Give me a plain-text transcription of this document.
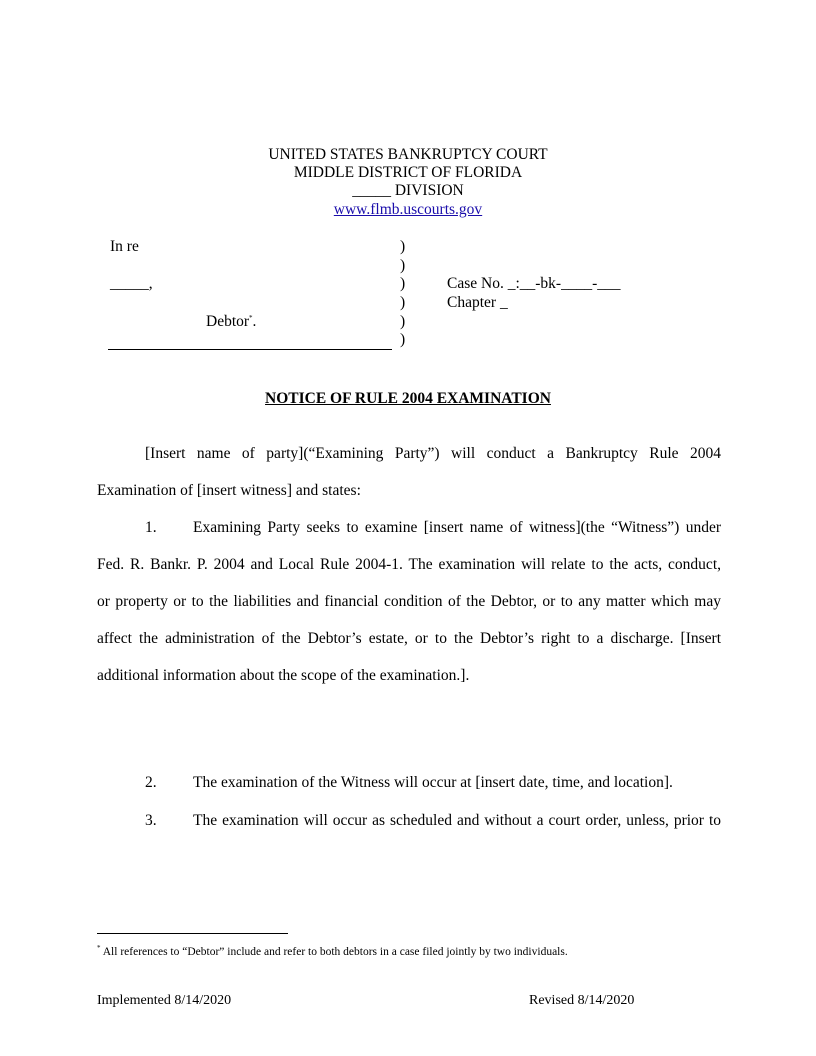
UNITED STATES BANKRUPTCY COURT
MIDDLE DISTRICT OF FLORIDA
_____ DIVISION
www.flmb.uscourts.gov
In re
_____,
Debtor*.
)
)
)
)
)
)
Case No. _:__-bk-____-___
Chapter _
NOTICE OF RULE 2004 EXAMINATION
[Insert name of party](“Examining Party”) will conduct a Bankruptcy Rule 2004
Examination of [insert witness] and states:
1. Examining Party seeks to examine [insert name of witness](the “Witness”) under
Fed. R. Bankr. P. 2004 and Local Rule 2004-1. The examination will relate to the acts, conduct,
or property or to the liabilities and financial condition of the Debtor, or to any matter which may
affect the administration of the Debtor’s estate, or to the Debtor’s right to a discharge. [Insert
additional information about the scope of the examination.].
2. The examination of the Witness will occur at [insert date, time, and location].
3. The examination will occur as scheduled and without a court order, unless, prior to
* All references to “Debtor” include and refer to both debtors in a case filed jointly by two individuals.
Implemented 8/14/2020	Revised 8/14/2020
